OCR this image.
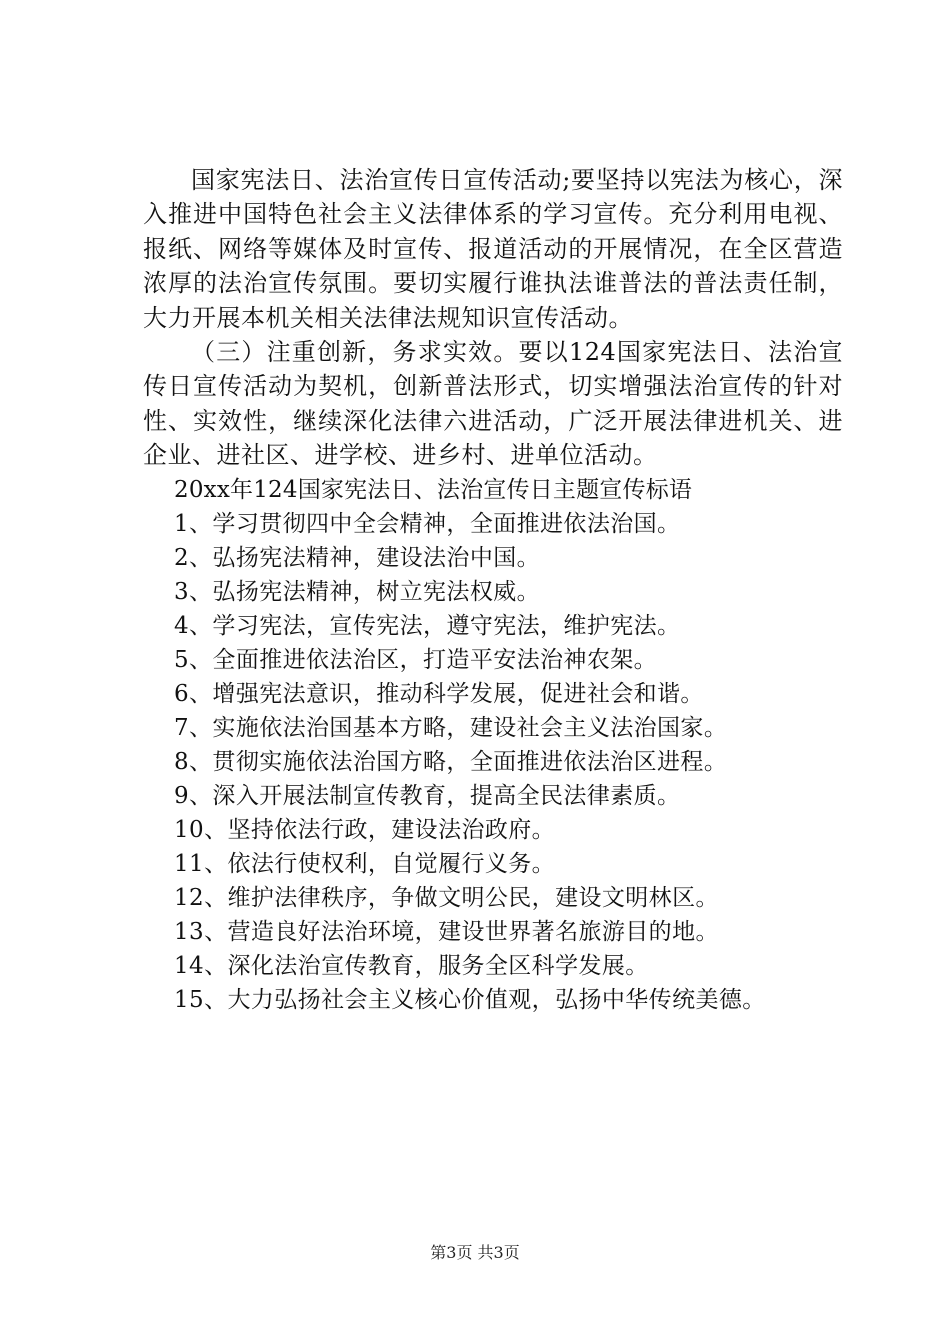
国家宪法日、法治宣传日宣传活动;要坚持以宪法为核心，深入推进中国特色社会主义法律体系的学习宣传。充分利用电视、报纸、网络等媒体及时宣传、报道活动的开展情况，在全区营造浓厚的法治宣传氛围。要切实履行谁执法谁普法的普法责任制，大力开展本机关相关法律法规知识宣传活动。

（三）注重创新，务求实效。要以124国家宪法日、法治宣传日宣传活动为契机，创新普法形式，切实增强法治宣传的针对性、实效性，继续深化法律六进活动，广泛开展法律进机关、进企业、进社区、进学校、进乡村、进单位活动。

20xx年124国家宪法日、法治宣传日主题宣传标语

1、学习贯彻四中全会精神，全面推进依法治国。
2、弘扬宪法精神，建设法治中国。
3、弘扬宪法精神，树立宪法权威。
4、学习宪法，宣传宪法，遵守宪法，维护宪法。
5、全面推进依法治区，打造平安法治神农架。
6、增强宪法意识，推动科学发展，促进社会和谐。
7、实施依法治国基本方略，建设社会主义法治国家。
8、贯彻实施依法治国方略，全面推进依法治区进程。
9、深入开展法制宣传教育，提高全民法律素质。
10、坚持依法行政，建设法治政府。
11、依法行使权利，自觉履行义务。
12、维护法律秩序，争做文明公民，建设文明林区。
13、营造良好法治环境，建设世界著名旅游目的地。
14、深化法治宣传教育，服务全区科学发展。
15、大力弘扬社会主义核心价值观，弘扬中华传统美德。
第3页 共3页
